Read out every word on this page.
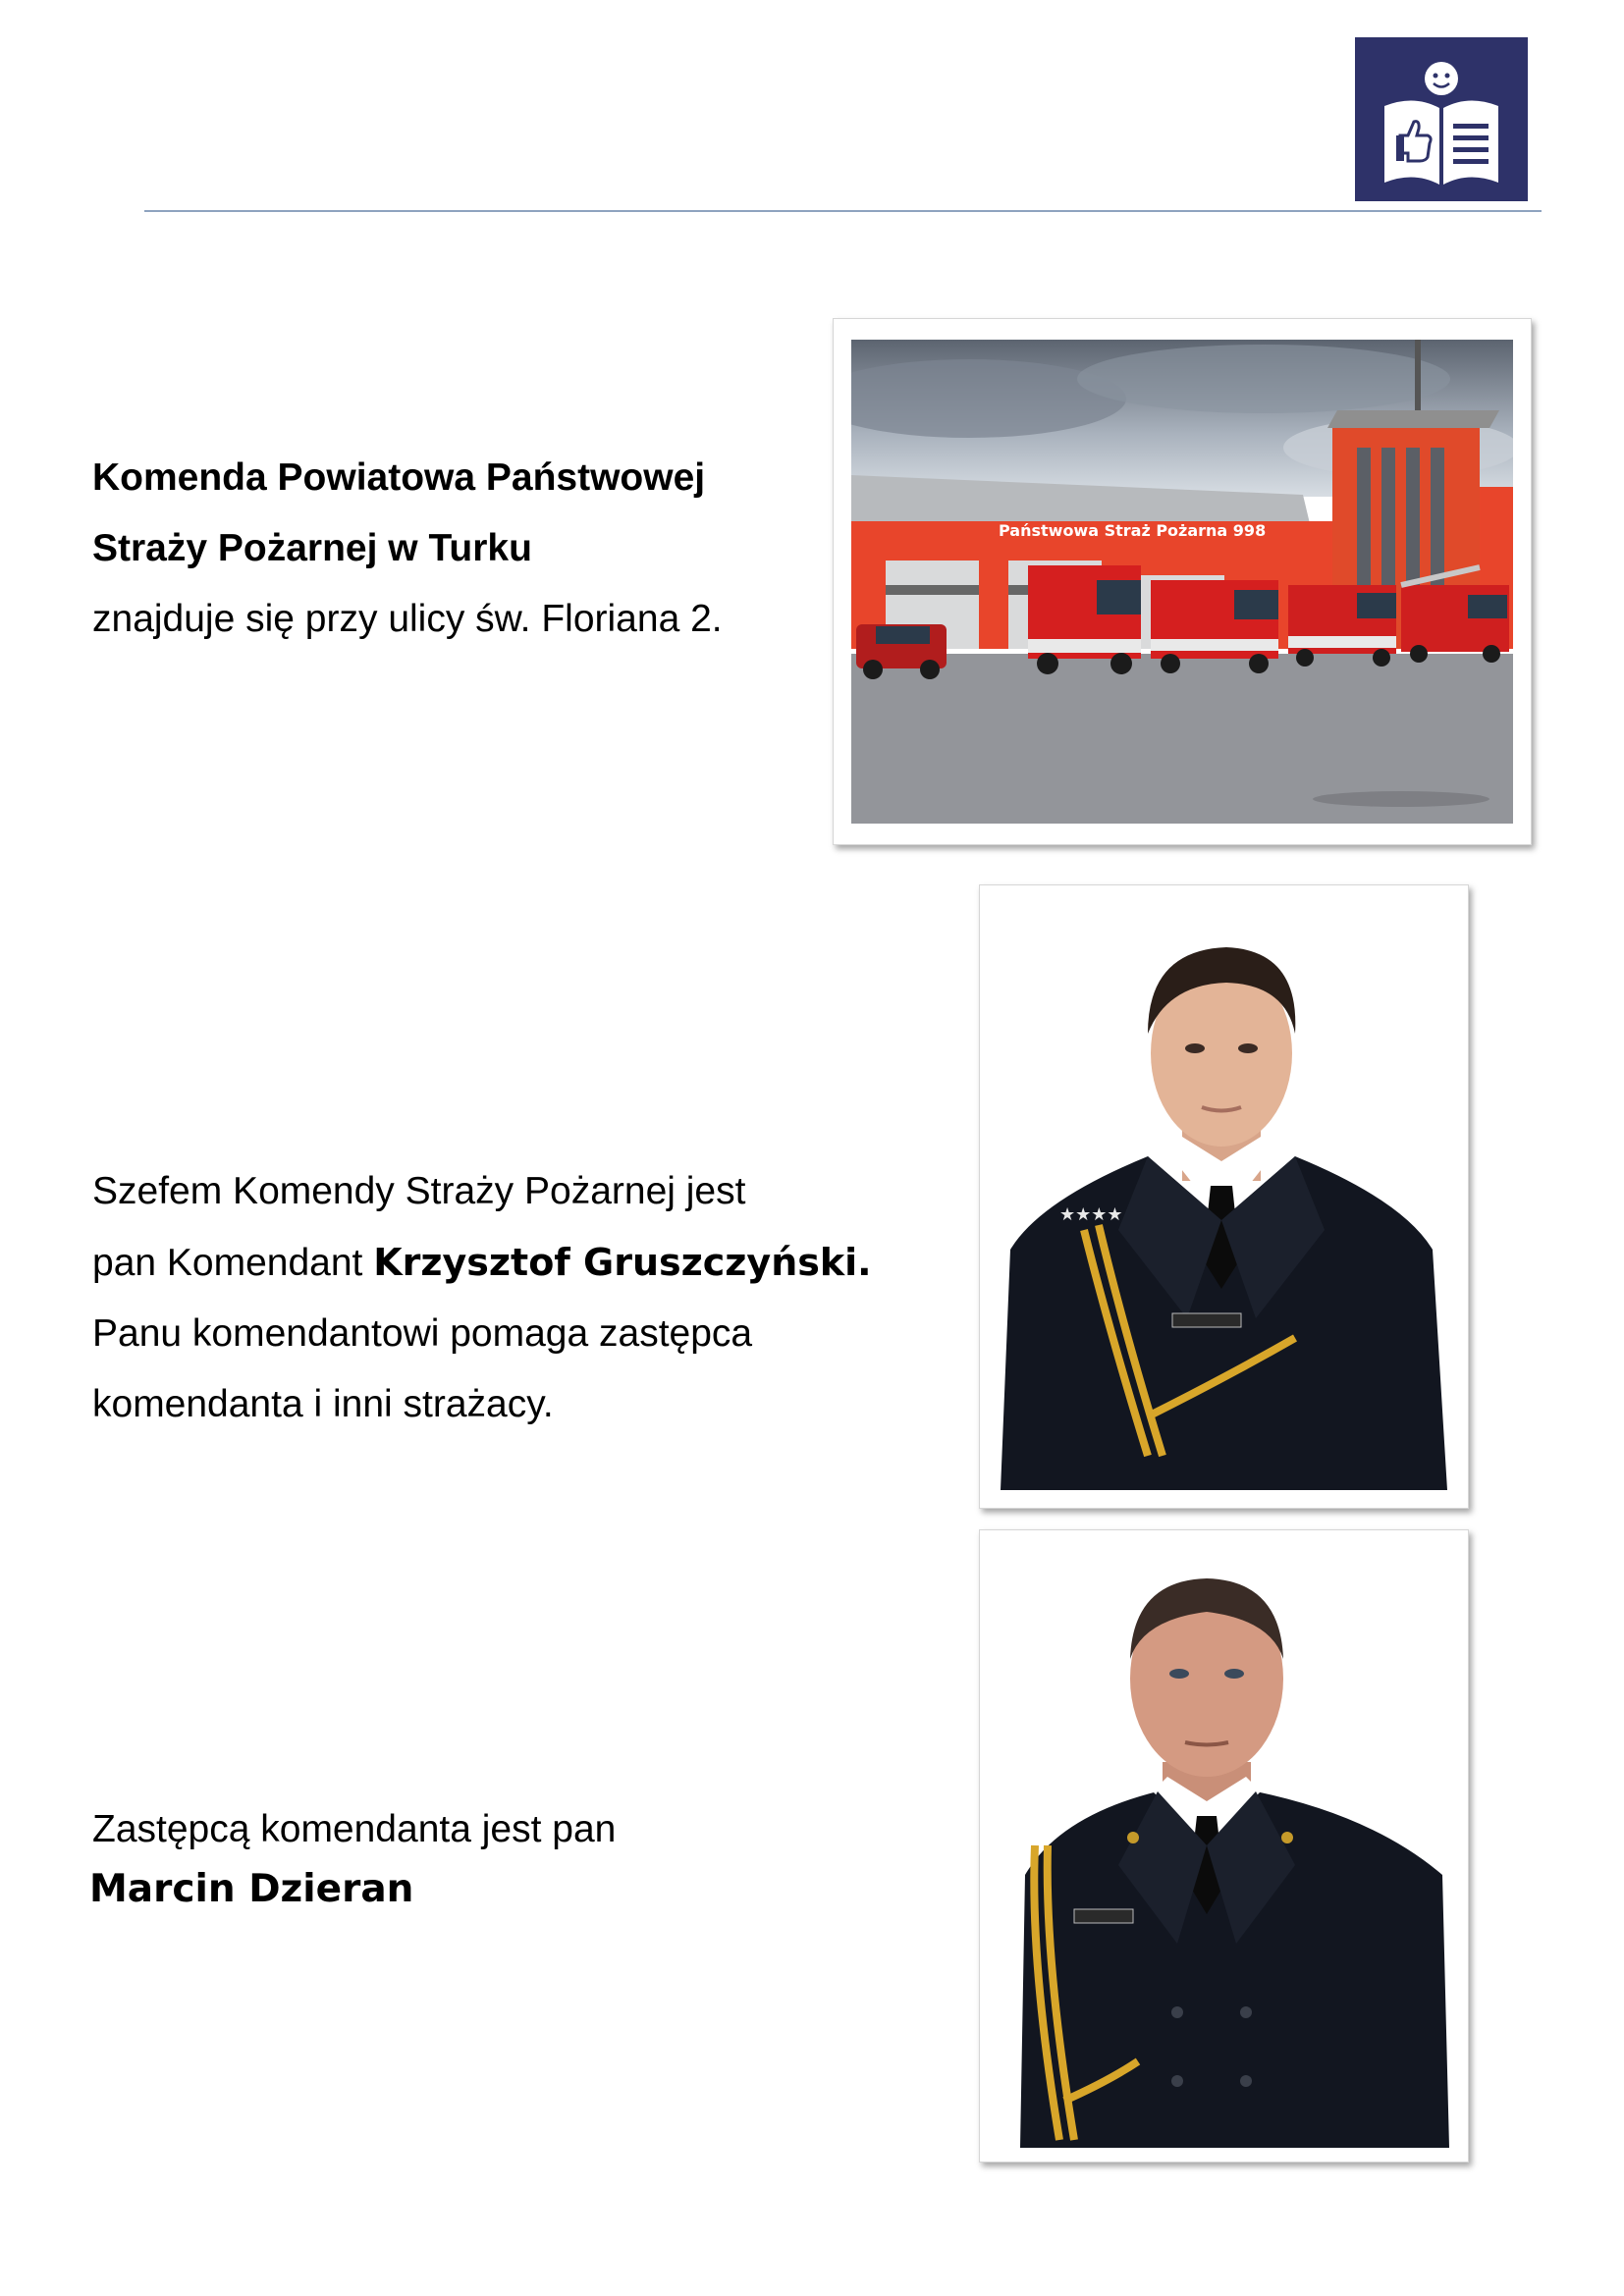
Komenda Powiatowa Państwowej
Straży Pożarnej w Turku
znajduje się przy ulicy św. Floriana 2.
Państwowa Straż Pożarna 998
Szefem Komendy Straży Pożarnej jest
pan Komendant Krzysztof Gruszczyński.
Panu komendantowi pomaga zastępca
komendanta i inni strażacy.
★★★★
Zastępcą komendanta jest pan
Marcin Dzieran
